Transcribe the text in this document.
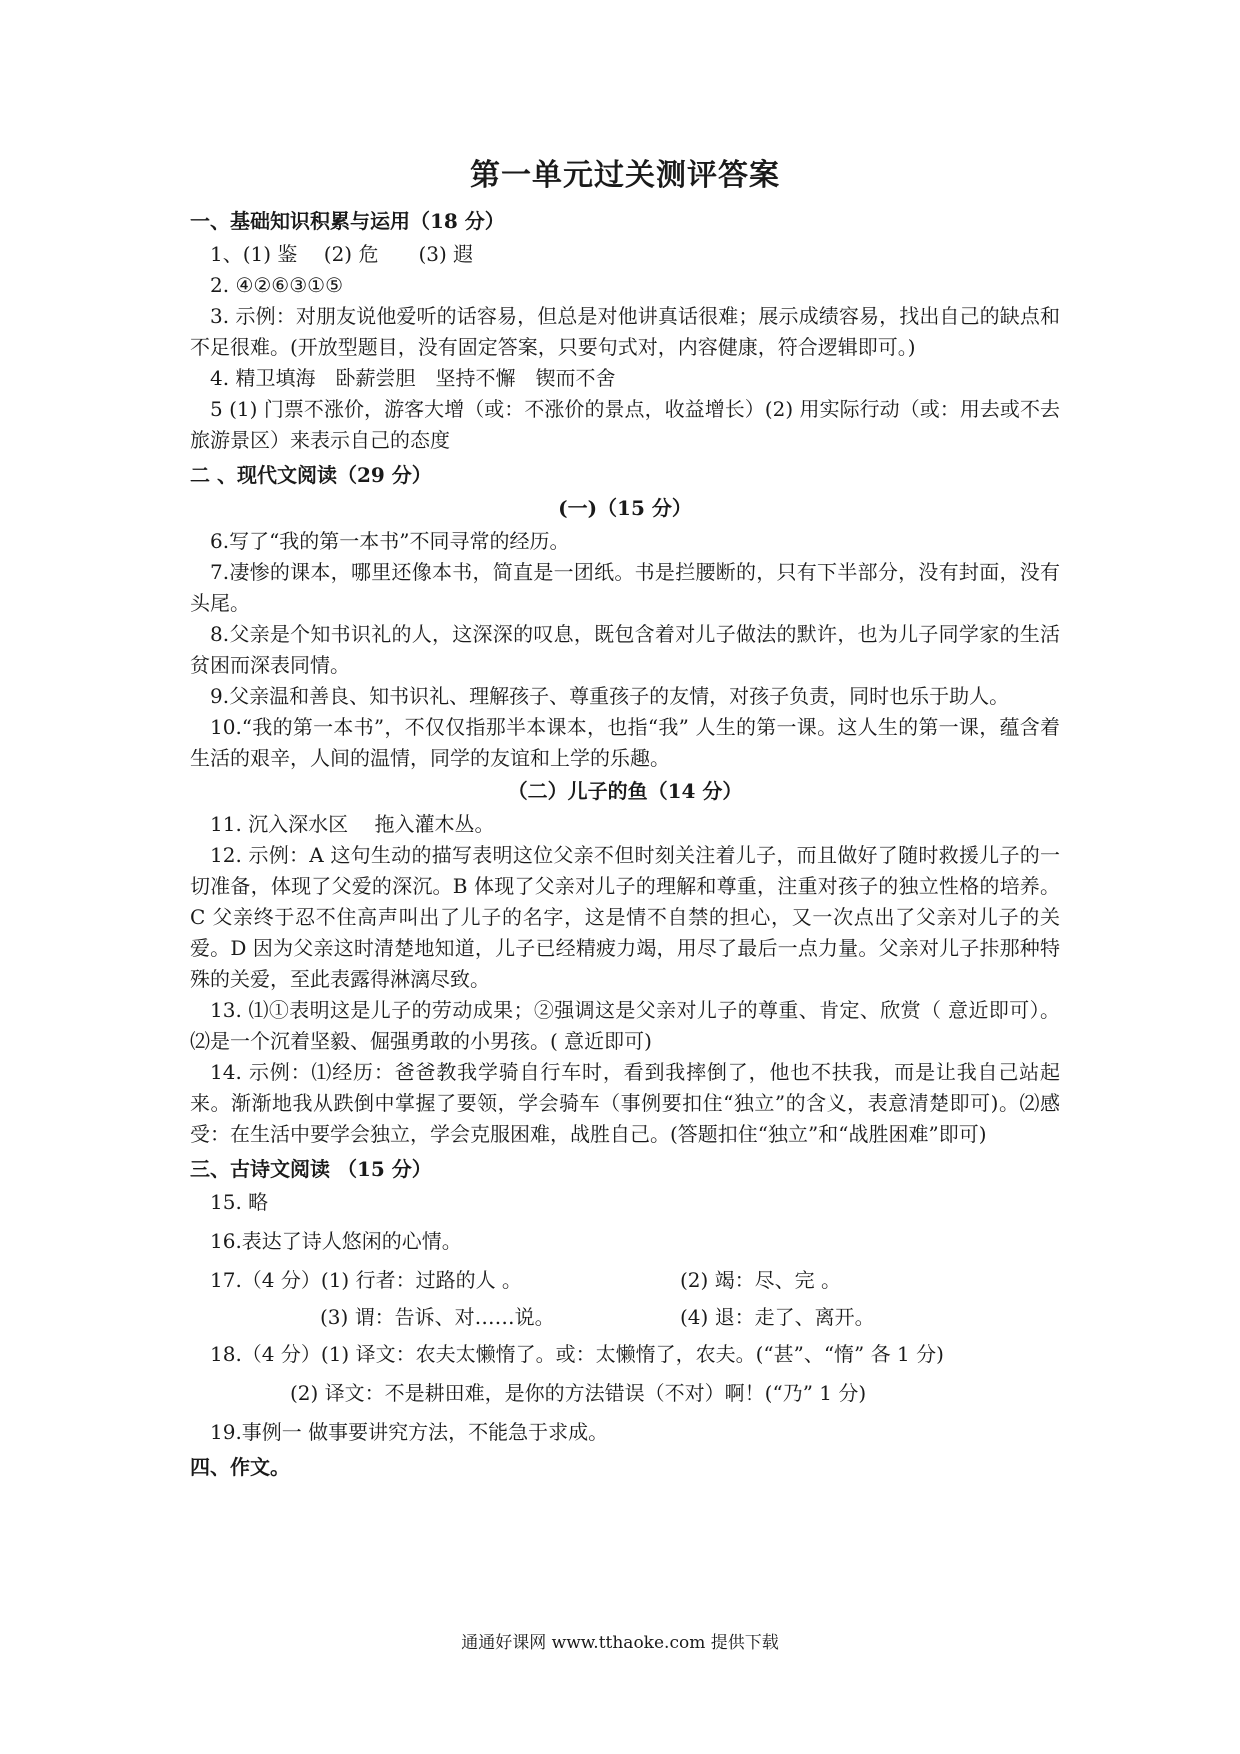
第一单元过关测评答案
一、基础知识积累与运用（18 分）

1、(1) 鉴　 (2) 危　　(3) 遐

2. ④②⑥③①⑤

3. 示例：对朋友说他爱听的话容易，但总是对他讲真话很难；展示成绩容易，找出自己的缺点和不足很难。(开放型题目，没有固定答案，只要句式对，内容健康，符合逻辑即可。)

4. 精卫填海　卧薪尝胆　坚持不懈　锲而不舍

5 (1) 门票不涨价，游客大增（或：不涨价的景点，收益增长）(2) 用实际行动（或：用去或不去旅游景区）来表示自己的态度

二 、现代文阅读（29 分）
(一)（15 分）

6.写了“我的第一本书”不同寻常的经历。

7.凄惨的课本，哪里还像本书，简直是一团纸。书是拦腰断的，只有下半部分，没有封面，没有头尾。

8.父亲是个知书识礼的人，这深深的叹息，既包含着对儿子做法的默许，也为儿子同学家的生活贫困而深表同情。

9.父亲温和善良、知书识礼、理解孩子、尊重孩子的友情，对孩子负责，同时也乐于助人。

10.“我的第一本书”，不仅仅指那半本课本，也指“我” 人生的第一课。这人生的第一课，蕴含着生活的艰辛，人间的温情，同学的友谊和上学的乐趣。

（二）儿子的鱼（14 分）

11. 沉入深水区　 拖入灌木丛。

12. 示例：A 这句生动的描写表明这位父亲不但时刻关注着儿子，而且做好了随时救援儿子的一切准备，体现了父爱的深沉。B 体现了父亲对儿子的理解和尊重，注重对孩子的独立性格的培养。C 父亲终于忍不住高声叫出了儿子的名字，这是情不自禁的担心，又一次点出了父亲对儿子的关爱。D 因为父亲这时清楚地知道，儿子已经精疲力竭，用尽了最后一点力量。父亲对儿子拤那种特殊的关爱，至此表露得淋漓尽致。

13. ⑴①表明这是儿子的劳动成果；②强调这是父亲对儿子的尊重、肯定、欣赏（ 意近即可）。⑵是一个沉着坚毅、倔强勇敢的小男孩。( 意近即可)

14. 示例：⑴经历：爸爸教我学骑自行车时，看到我摔倒了，他也不扶我，而是让我自己站起来。渐渐地我从跌倒中掌握了要领，学会骑车（事例要扣住“独立”的含义，表意清楚即可)。⑵感受：在生活中要学会独立，学会克服困难，战胜自己。(答题扣住“独立”和“战胜困难”即可)

三、古诗文阅读 （15 分）

15. 略

16.表达了诗人悠闲的心情。

17.（4 分）(1) 行者：过路的人 。	(2) 竭：尽、完 。
(3) 谓：告诉、对……说。	(4) 退：走了、离开。

18.（4 分）(1) 译文：农夫太懒惰了。或：太懒惰了，农夫。(“甚”、“惰” 各 1 分)

(2) 译文：不是耕田难，是你的方法错误（不对）啊！(“乃” 1 分)

19.事例一 做事要讲究方法，不能急于求成。

四、作文。
通通好课网 www.tthaoke.com 提供下载
